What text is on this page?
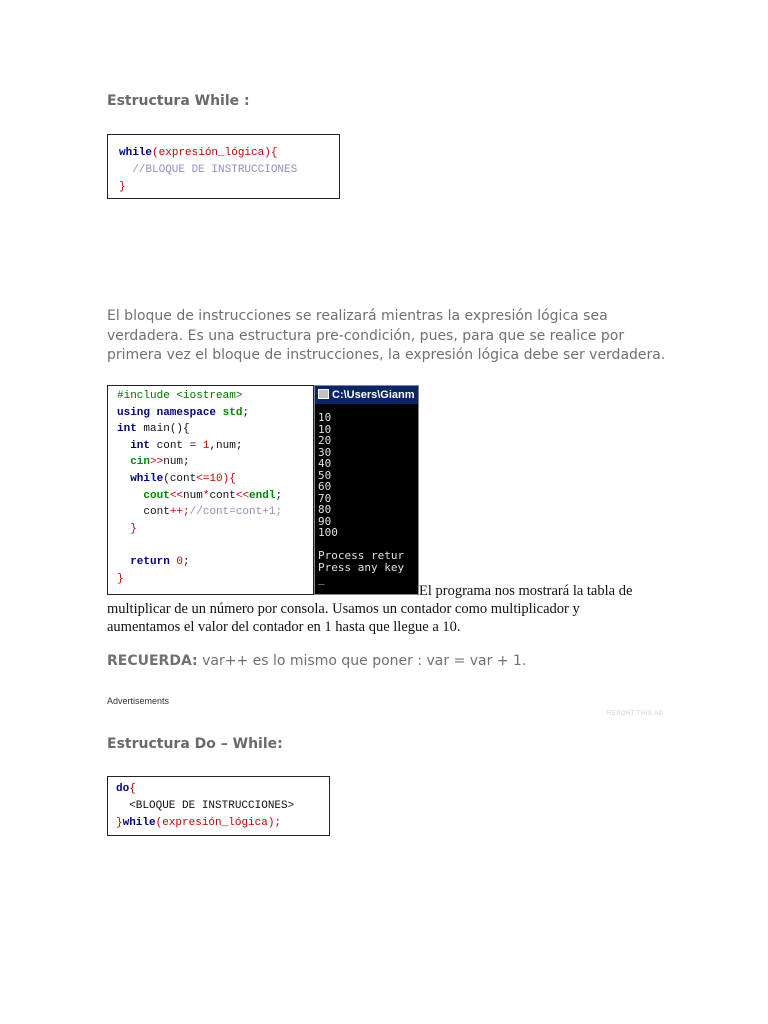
Estructura While :
while(expresión_lógica){
//BLOQUE DE INSTRUCCIONES
}
El bloque de instrucciones se realizará mientras la expresión lógica sea verdadera. Es una estructura pre-condición, pues, para que se realice por primera vez el bloque de instrucciones, la expresión lógica debe ser verdadera.
#include <iostream>
using namespace std;
int main(){
int cont = 1,num;
cin>>num;
while(cont<=10){
cout<<num*cont<<endl;
cont++;//cont=cont+1;
}

return 0;
}
C:\Users\Gianm
10
10
20
30
40
50
60
70
80
90
100

Process retur
Press any key
_
El programa nos mostrará la tabla de
multiplicar de un número por consola. Usamos un contador como multiplicador y aumentamos el valor del contador en 1 hasta que llegue a 10.
RECUERDA: var++ es lo mismo que poner : var = var + 1.
Advertisements
REPORT THIS AD
Estructura Do – While:
do{
<BLOQUE DE INSTRUCCIONES>
}while(expresión_lógica);
